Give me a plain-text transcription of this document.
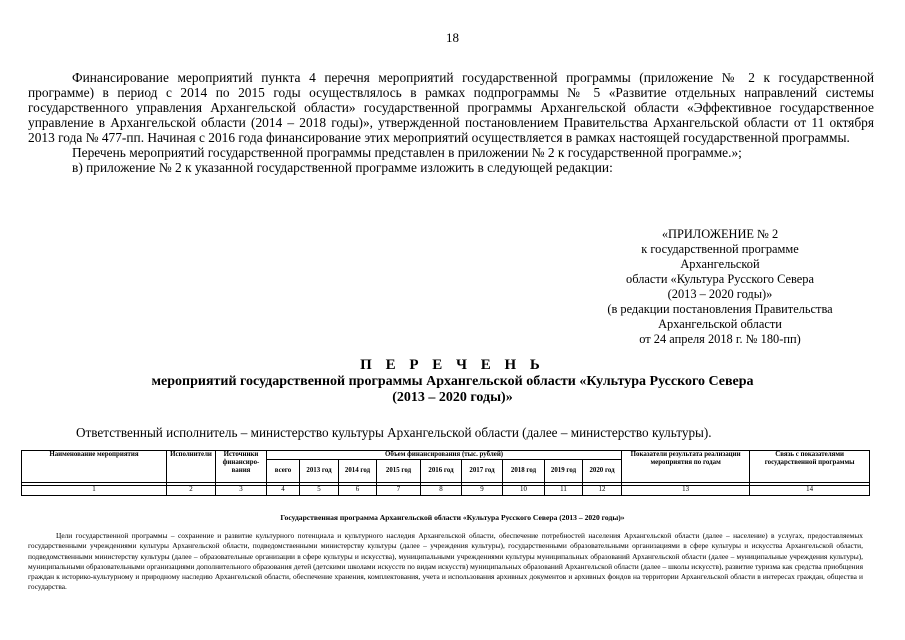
18

Финансирование мероприятий пункта 4 перечня мероприятий государственной программы (приложение № 2 к государственной программе) в период с 2014 по 2015 годы осуществлялось в рамках подпрограммы № 5 «Развитие отдельных направлений системы государственного управления Архангельской области» государственной программы Архангельской области «Эффективное государственное управление в Архангельской области (2014 – 2018 годы)», утвержденной постановлением Правительства Архангельской области от 11 октября 2013 года № 477-пп. Начиная с 2016 года финансирование этих мероприятий осуществляется в рамках настоящей государственной программы.

Перечень мероприятий государственной программы представлен в приложении № 2 к государственной программе.»;

в) приложение № 2 к указанной государственной программе изложить в следующей редакции:

«ПРИЛОЖЕНИЕ № 2
к государственной программе
Архангельской
области «Культура Русского Севера
(2013 – 2020 годы)»
(в редакции постановления Правительства
Архангельской области
от 24 апреля 2018 г. № 180-пп)
П Е Р Е Ч Е Н Ь
мероприятий государственной программы Архангельской области «Культура Русского Севера
(2013 – 2020 годы)»
Ответственный исполнитель – министерство культуры Архангельской области (далее – министерство культуры).
Наименование мероприятия	Исполнители	Источники финансиро-вания	Объем финансирования (тыс. рублей)									Показатели результата реализации мероприятия по годам	Связь с показателями государственной программы
			всего	2013 год	2014 год	2015 год	2016 год	2017 год	2018 год	2019 год	2020 год		

1	2	3	4	5	6	7	8	9	10	11	12	13	14
Государственная программа Архангельской области «Культура Русского Севера (2013 – 2020 годы)»
Цели государственной программы – сохранение и развитие культурного потенциала и культурного наследия Архангельской области, обеспечение потребностей населения Архангельской области (далее – население) в услугах, предоставляемых государственными учреждениями культуры Архангельской области, подведомственными министерству культуры (далее – учреждения культуры), государственными образовательными организациями в сфере культуры и искусства Архангельской области, подведомственными министерству культуры (далее – образовательные организации в сфере культуры и искусства), муниципальными учреждениями культуры муниципальных образований Архангельской области (далее – муниципальные учреждения культуры), муниципальными образовательными организациями дополнительного образования детей (детскими школами искусств по видам искусств) муниципальных образований Архангельской области (далее – школы искусств), развитие туризма как средства приобщения граждан к историко-культурному и природному наследию Архангельской области, обеспечение хранения, комплектования, учета и использования архивных документов и архивных фондов на территории Архангельской области в интересах граждан, общества и государства.
